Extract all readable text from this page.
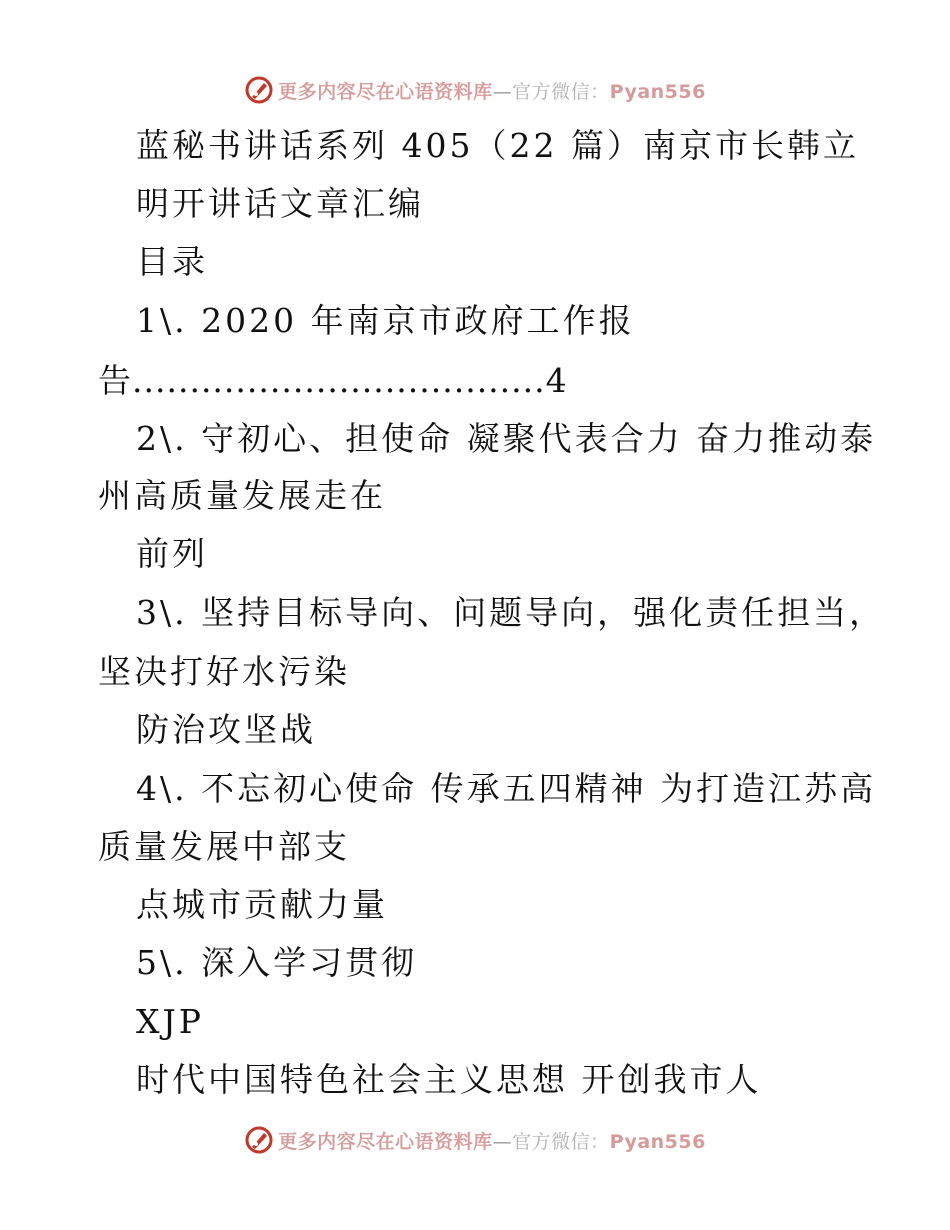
更多内容尽在心语资料库—官方微信：Pyan556
蓝秘书讲话系列 405（22 篇）南京市长韩立
明开讲话文章汇编
目录
1\. 2020 年南京市政府工作报
告....................................4
2\. 守初心、担使命 凝聚代表合力 奋力推动泰
州高质量发展走在
前列
3\. 坚持目标导向、问题导向，强化责任担当，
坚决打好水污染
防治攻坚战
4\. 不忘初心使命 传承五四精神 为打造江苏高
质量发展中部支
点城市贡献力量
5\. 深入学习贯彻
XJP
时代中国特色社会主义思想 开创我市人
更多内容尽在心语资料库—官方微信：Pyan556
